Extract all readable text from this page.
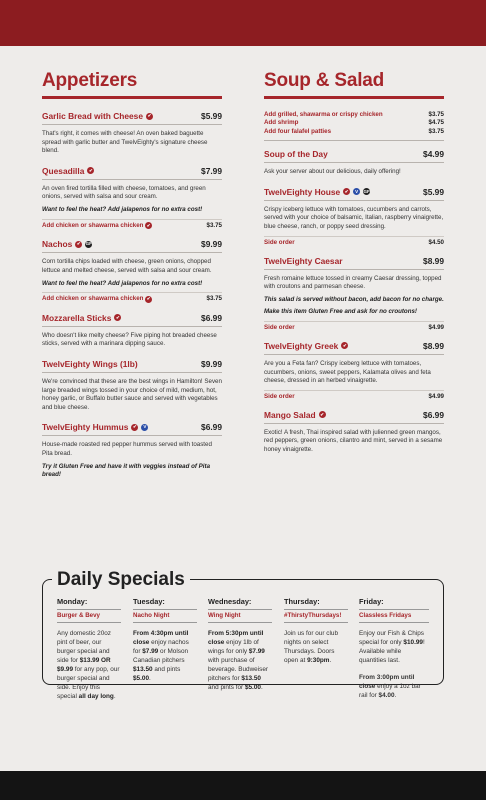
Appetizers
Garlic Bread with Cheese	✔	$5.99
That's right, it comes with cheese! An oven baked baguette spread with garlic butter and TwelvEighty's signature cheese blend.
Quesadilla	✔	$7.99
An oven fired tortilla filled with cheese, tomatoes, and green onions, served with salsa and sour cream.
Want to feel the heat? Add jalapenos for no extra cost!
Add chicken or shawarma chicken ✔	$3.75
Nachos	✔	GF	$9.99
Corn tortilla chips loaded with cheese, green onions, chopped lettuce and melted cheese, served with salsa and sour cream.
Want to feel the heat? Add jalapenos for no extra cost!
Add chicken or shawarma chicken ✔	$3.75
Mozzarella Sticks	✔	$6.99
Who doesn't like melty cheese? Five piping hot breaded cheese sticks, served with a marinara dipping sauce.
TwelvEighty Wings (1lb)	$9.99
We're convinced that these are the best wings in Hamilton! Seven large breaded wings tossed in your choice of mild, medium, hot, honey garlic, or Buffalo butter sauce and served with vegetables and blue cheese.
TwelvEighty Hummus	✔	V	$6.99
House-made roasted red pepper hummus served with toasted Pita bread.
Try it Gluten Free and have it with veggies instead of Pita bread!
Soup & Salad
Add grilled, shawarma or crispy chicken	$3.75
Add shrimp	$4.75
Add four falafel patties	$3.75
Soup of the Day	$4.99
Ask your server about our delicious, daily offering!
TwelvEighty House	✔	V	GF	$5.99
Crispy iceberg lettuce with tomatoes, cucumbers and carrots, served with your choice of balsamic, Italian, raspberry vinaigrette, blue cheese, ranch, or poppy seed dressing.
Side order	$4.50
TwelvEighty Caesar	$8.99
Fresh romaine lettuce tossed in creamy Caesar dressing, topped with croutons and parmesan cheese.
This salad is served without bacon, add bacon for no charge.
Make this item Gluten Free and ask for no croutons!
Side order	$4.99
TwelvEighty Greek	✔	$8.99
Are you a Feta fan? Crispy iceberg lettuce with tomatoes, cucumbers, onions, sweet peppers, Kalamata olives and feta cheese, dressed in an herbed vinaigrette.
Side order	$4.99
Mango Salad	✔	$6.99
Exotic! A fresh, Thai inspired salad with julienned green mangos, red peppers, green onions, cilantro and mint, served in a sesame honey vinaigrette.
Daily Specials
Monday:
Burger & Bevy
Any domestic 20oz pint of beer, our burger special and side for $13.99 OR $9.99 for any pop, our burger special and side. Enjoy this special all day long.
Tuesday:
Nacho Night
From 4:30pm until close enjoy nachos for $7.99 or Molson Canadian pitchers $13.50 and pints $5.00.
Wednesday:
Wing Night
From 5:30pm until close enjoy 1lb of wings for only $7.99 with purchase of beverage. Budweiser pitchers for $13.50 and pints for $5.00.
Thursday:
#ThirstyThursdays!
Join us for our club nights on select Thursdays. Doors open at 9:30pm.
Friday:
Classless Fridays
Enjoy our Fish & Chips special for only $10.99! Available while quantities last.
From 3:00pm until close enjoy a 1oz bar rail for $4.00.
